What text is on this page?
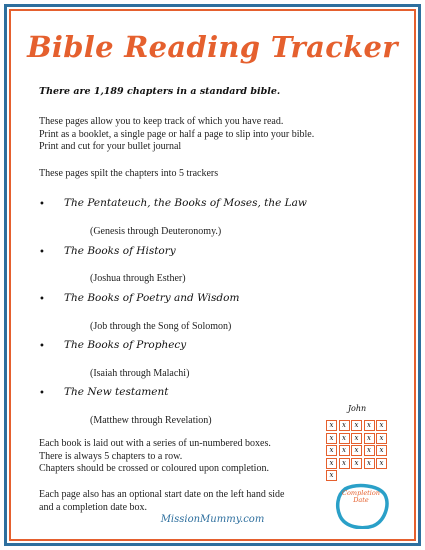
Bible Reading Tracker
There are 1,189 chapters in a standard bible.
These pages allow you to keep track of which you have read.
Print as a booklet, a single page or half a page to slip into your bible.
Print and cut for your bullet journal
These pages spilt the chapters into 5 trackers
• The Pentateuch, the Books of Moses, the Law
(Genesis through Deuteronomy.)
• The Books of History
(Joshua through Esther)
• The Books of Poetry and Wisdom
(Job through the Song of Solomon)
• The Books of Prophecy
(Isaiah through Malachi)
• The New testament
(Matthew through Revelation)
Each book is laid out with a series of un-numbered boxes.
There is always 5 chapters to a row.
Chapters should be crossed or coloured upon completion.
Each page also has an optional start date on the left hand side
and a completion date box.
John
x	x	x	x	x
x	x	x	x	x
x	x	x	x	x
x	x	x	x	x
x
Completion
Date
MissionMummy.com
